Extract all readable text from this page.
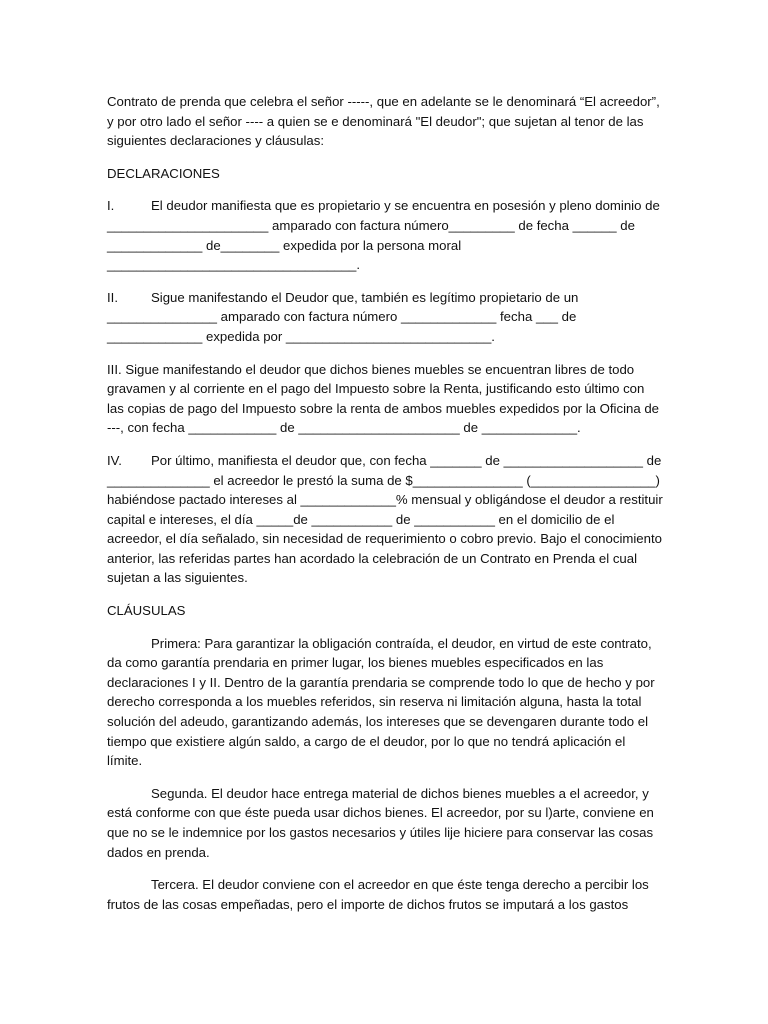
Contrato de prenda que celebra el señor -----, que en adelante se le denominará “El acreedor”, y por otro lado el señor ---- a quien se e denominará "El deudor"; que sujetan al tenor de las siguientes declaraciones y cláusulas:

DECLARACIONES

I.	El deudor manifiesta que es propietario y se encuentra en posesión y pleno dominio de ______________________ amparado con factura número_________ de fecha ______ de _____________ de________ expedida por la persona moral __________________________________.

II.	Sigue manifestando el Deudor que, también es legítimo propietario de un _______________ amparado con factura número _____________ fecha ___ de _____________ expedida por ____________________________.

III. Sigue manifestando el deudor que dichos bienes muebles se encuentran libres de todo gravamen y al corriente en el pago del Impuesto sobre la Renta, justificando esto último con las copias de pago del Impuesto sobre la renta de ambos muebles expedidos por la Oficina de ---, con fecha ____________ de ______________________ de _____________.

IV. Por último, manifiesta el deudor que, con fecha _______ de ___________________ de ______________ el acreedor le prestó la suma de $_______________ (_________________) habiéndose pactado intereses al _____________% mensual y obligándose el deudor a restituir capital e intereses, el día _____de ___________ de ___________ en el domicilio de el acreedor, el día señalado, sin necesidad de requerimiento o cobro previo. Bajo el conocimiento anterior, las referidas partes han acordado la celebración de un Contrato en Prenda el cual sujetan a las siguientes.

CLÁUSULAS

Primera: Para garantizar la obligación contraída, el deudor, en virtud de este contrato, da como garantía prendaria en primer lugar, los bienes muebles especificados en las declaraciones I y II. Dentro de la garantía prendaria se comprende todo lo que de hecho y por derecho corresponda a los muebles referidos, sin reserva ni limitación alguna, hasta la total solución del adeudo, garantizando además, los intereses que se devengaren durante todo el tiempo que existiere algún saldo, a cargo de el deudor, por lo que no tendrá aplicación el límite.

Segunda. El deudor hace entrega material de dichos bienes muebles a el acreedor, y está conforme con que éste pueda usar dichos bienes. El acreedor, por su l)arte, conviene en que no se le indemnice por los gastos necesarios y útiles lije hiciere para conservar las cosas dados en prenda.

Tercera. El deudor conviene con el acreedor en que éste tenga derecho a percibir los frutos de las cosas empeñadas, pero el importe de dichos frutos se imputará a los gastos
